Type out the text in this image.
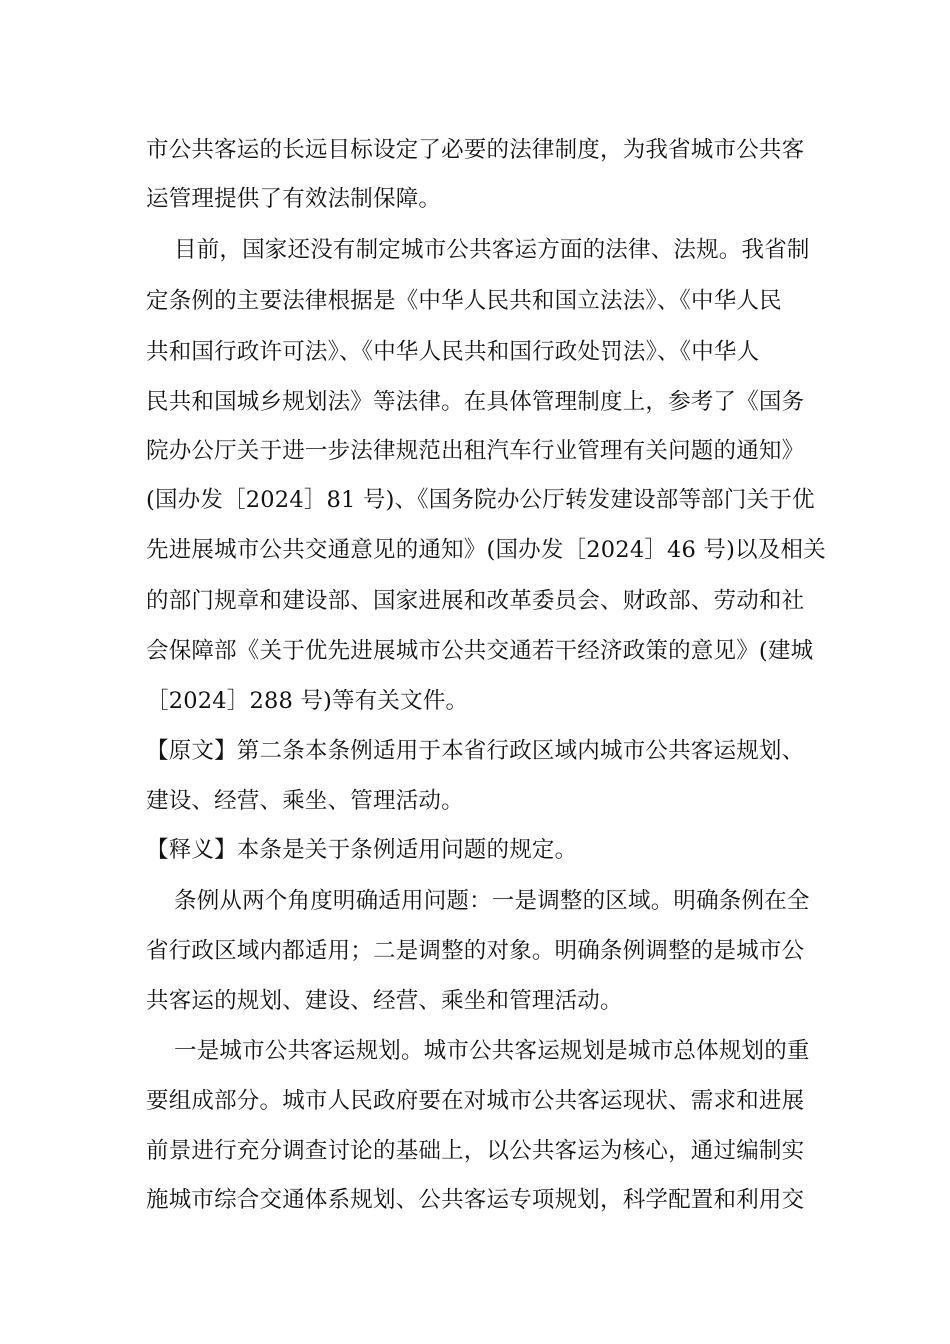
市公共客运的长远目标设定了必要的法律制度，为我省城市公共客
运管理提供了有效法制保障。
目前，国家还没有制定城市公共客运方面的法律、法规。我省制
定条例的主要法律根据是《中华人民共和国立法法》、《中华人民
共和国行政许可法》、《中华人民共和国行政处罚法》、《中华人
民共和国城乡规划法》等法律。在具体管理制度上，参考了《国务
院办公厅关于进一步法律规范出租汽车行业管理有关问题的通知》
(国办发［2024］81 号)、《国务院办公厅转发建设部等部门关于优
先进展城市公共交通意见的通知》(国办发［2024］46 号)以及相关
的部门规章和建设部、国家进展和改革委员会、财政部、劳动和社
会保障部《关于优先进展城市公共交通若干经济政策的意见》(建城
［2024］288 号)等有关文件。
【原文】第二条本条例适用于本省行政区域内城市公共客运规划、
建设、经营、乘坐、管理活动。
【释义】本条是关于条例适用问题的规定。
条例从两个角度明确适用问题：一是调整的区域。明确条例在全
省行政区域内都适用；二是调整的对象。明确条例调整的是城市公
共客运的规划、建设、经营、乘坐和管理活动。
一是城市公共客运规划。城市公共客运规划是城市总体规划的重
要组成部分。城市人民政府要在对城市公共客运现状、需求和进展
前景进行充分调查讨论的基础上，以公共客运为核心，通过编制实
施城市综合交通体系规划、公共客运专项规划，科学配置和利用交
